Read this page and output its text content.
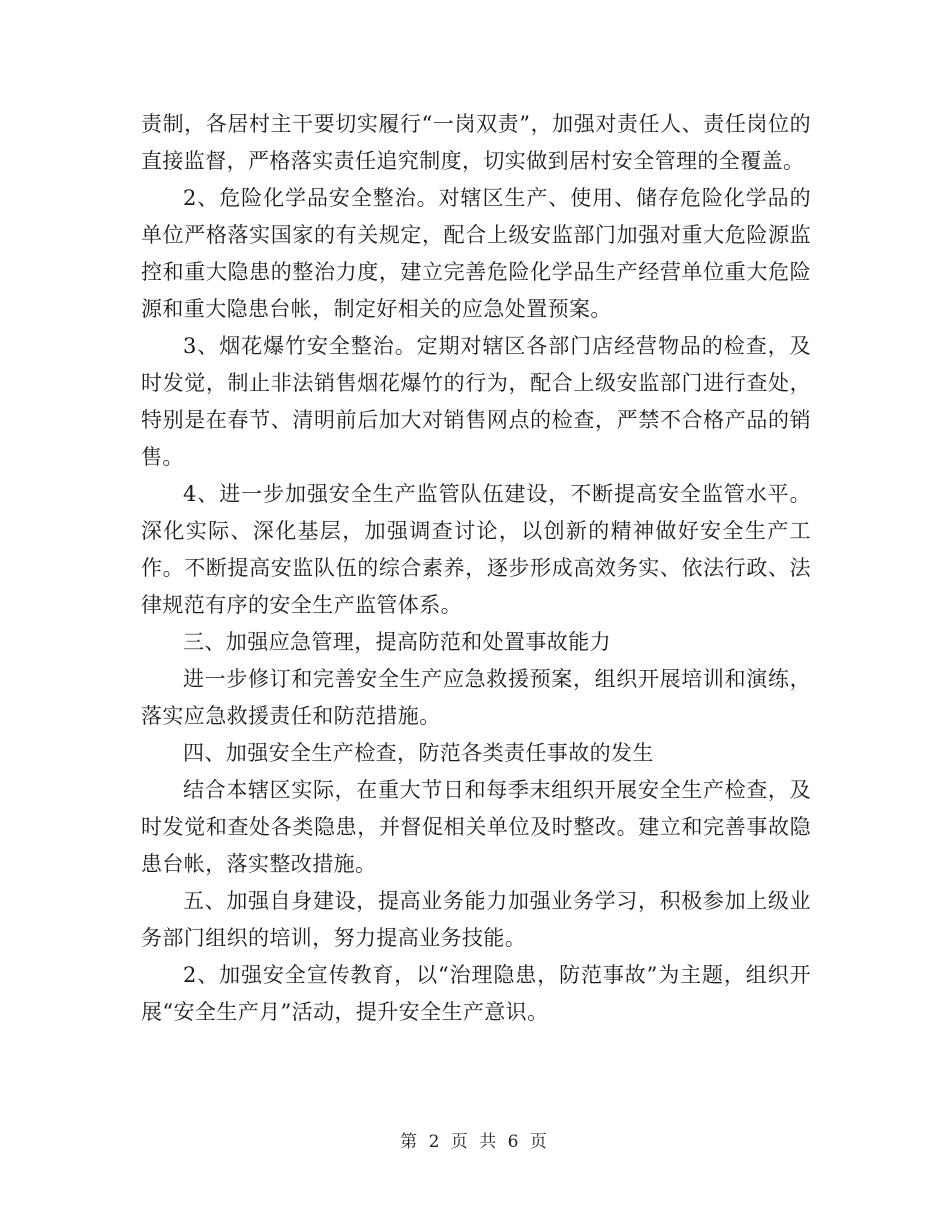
责制，各居村主干要切实履行“一岗双责”，加强对责任人、责任岗位的直接监督，严格落实责任追究制度，切实做到居村安全管理的全覆盖。

2、危险化学品安全整治。对辖区生产、使用、储存危险化学品的单位严格落实国家的有关规定，配合上级安监部门加强对重大危险源监控和重大隐患的整治力度，建立完善危险化学品生产经营单位重大危险源和重大隐患台帐，制定好相关的应急处置预案。

3、烟花爆竹安全整治。定期对辖区各部门店经营物品的检查，及时发觉，制止非法销售烟花爆竹的行为，配合上级安监部门进行查处，特别是在春节、清明前后加大对销售网点的检查，严禁不合格产品的销售。

4、进一步加强安全生产监管队伍建设，不断提高安全监管水平。深化实际、深化基层，加强调查讨论，以创新的精神做好安全生产工作。不断提高安监队伍的综合素养，逐步形成高效务实、依法行政、法律规范有序的安全生产监管体系。

三、加强应急管理，提高防范和处置事故能力

进一步修订和完善安全生产应急救援预案，组织开展培训和演练，落实应急救援责任和防范措施。

四、加强安全生产检查，防范各类责任事故的发生

结合本辖区实际，在重大节日和每季末组织开展安全生产检查，及时发觉和查处各类隐患，并督促相关单位及时整改。建立和完善事故隐患台帐，落实整改措施。

五、加强自身建设，提高业务能力加强业务学习，积极参加上级业务部门组织的培训，努力提高业务技能。

2、加强安全宣传教育，以“治理隐患，防范事故”为主题，组织开展“安全生产月”活动，提升安全生产意识。

第 2 页 共 6 页
